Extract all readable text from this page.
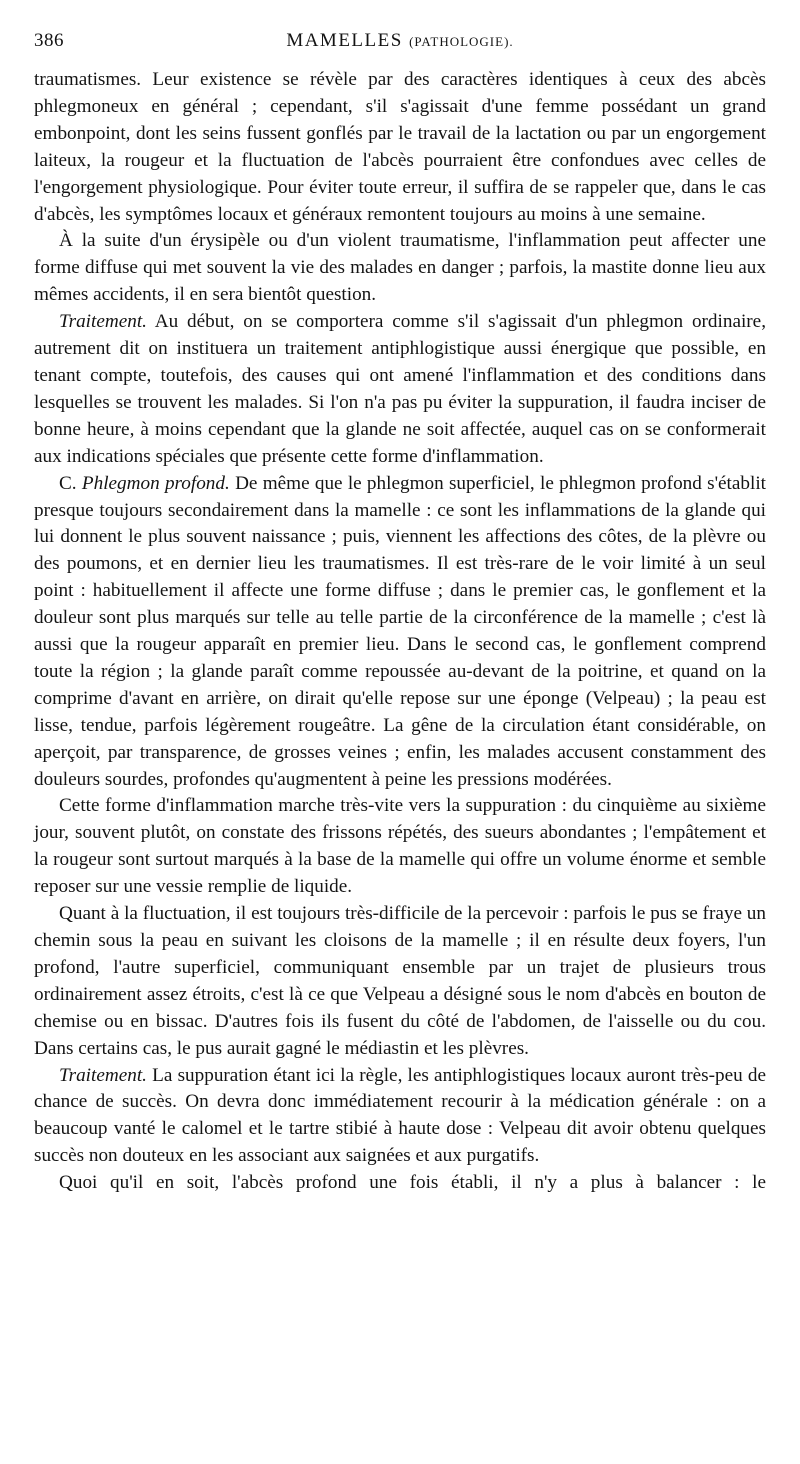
386	MAMELLES (PATHOLOGIE).

traumatismes. Leur existence se révèle par des caractères identiques à ceux des abcès phlegmoneux en général ; cependant, s'il s'agissait d'une femme possédant un grand embonpoint, dont les seins fussent gonflés par le travail de la lactation ou par un engorgement laiteux, la rougeur et la fluctuation de l'abcès pourraient être confondues avec celles de l'engorgement physiologique. Pour éviter toute erreur, il suffira de se rappeler que, dans le cas d'abcès, les symptômes locaux et généraux remontent toujours au moins à une semaine.

À la suite d'un érysipèle ou d'un violent traumatisme, l'inflammation peut affecter une forme diffuse qui met souvent la vie des malades en danger ; parfois, la mastite donne lieu aux mêmes accidents, il en sera bientôt question.

Traitement. Au début, on se comportera comme s'il s'agissait d'un phlegmon ordinaire, autrement dit on instituera un traitement antiphlogistique aussi énergique que possible, en tenant compte, toutefois, des causes qui ont amené l'inflammation et des conditions dans lesquelles se trouvent les malades. Si l'on n'a pas pu éviter la suppuration, il faudra inciser de bonne heure, à moins cependant que la glande ne soit affectée, auquel cas on se conformerait aux indications spéciales que présente cette forme d'inflammation.

C. Phlegmon profond. De même que le phlegmon superficiel, le phlegmon profond s'établit presque toujours secondairement dans la mamelle : ce sont les inflammations de la glande qui lui donnent le plus souvent naissance ; puis, viennent les affections des côtes, de la plèvre ou des poumons, et en dernier lieu les traumatismes. Il est très-rare de le voir limité à un seul point : habituellement il affecte une forme diffuse ; dans le premier cas, le gonflement et la douleur sont plus marqués sur telle au telle partie de la circonférence de la mamelle ; c'est là aussi que la rougeur apparaît en premier lieu. Dans le second cas, le gonflement comprend toute la région ; la glande paraît comme repoussée au-devant de la poitrine, et quand on la comprime d'avant en arrière, on dirait qu'elle repose sur une éponge (Velpeau) ; la peau est lisse, tendue, parfois légèrement rougeâtre. La gêne de la circulation étant considérable, on aperçoit, par transparence, de grosses veines ; enfin, les malades accusent constamment des douleurs sourdes, profondes qu'augmentent à peine les pressions modérées.

Cette forme d'inflammation marche très-vite vers la suppuration : du cinquième au sixième jour, souvent plutôt, on constate des frissons répétés, des sueurs abondantes ; l'empâtement et la rougeur sont surtout marqués à la base de la mamelle qui offre un volume énorme et semble reposer sur une vessie remplie de liquide.

Quant à la fluctuation, il est toujours très-difficile de la percevoir : parfois le pus se fraye un chemin sous la peau en suivant les cloisons de la mamelle ; il en résulte deux foyers, l'un profond, l'autre superficiel, communiquant ensemble par un trajet de plusieurs trous ordinairement assez étroits, c'est là ce que Velpeau a désigné sous le nom d'abcès en bouton de chemise ou en bissac. D'autres fois ils fusent du côté de l'abdomen, de l'aisselle ou du cou. Dans certains cas, le pus aurait gagné le médiastin et les plèvres.

Traitement. La suppuration étant ici la règle, les antiphlogistiques locaux auront très-peu de chance de succès. On devra donc immédiatement recourir à la médication générale : on a beaucoup vanté le calomel et le tartre stibié à haute dose : Velpeau dit avoir obtenu quelques succès non douteux en les associant aux saignées et aux purgatifs.

Quoi qu'il en soit, l'abcès profond une fois établi, il n'y a plus à balancer : le
